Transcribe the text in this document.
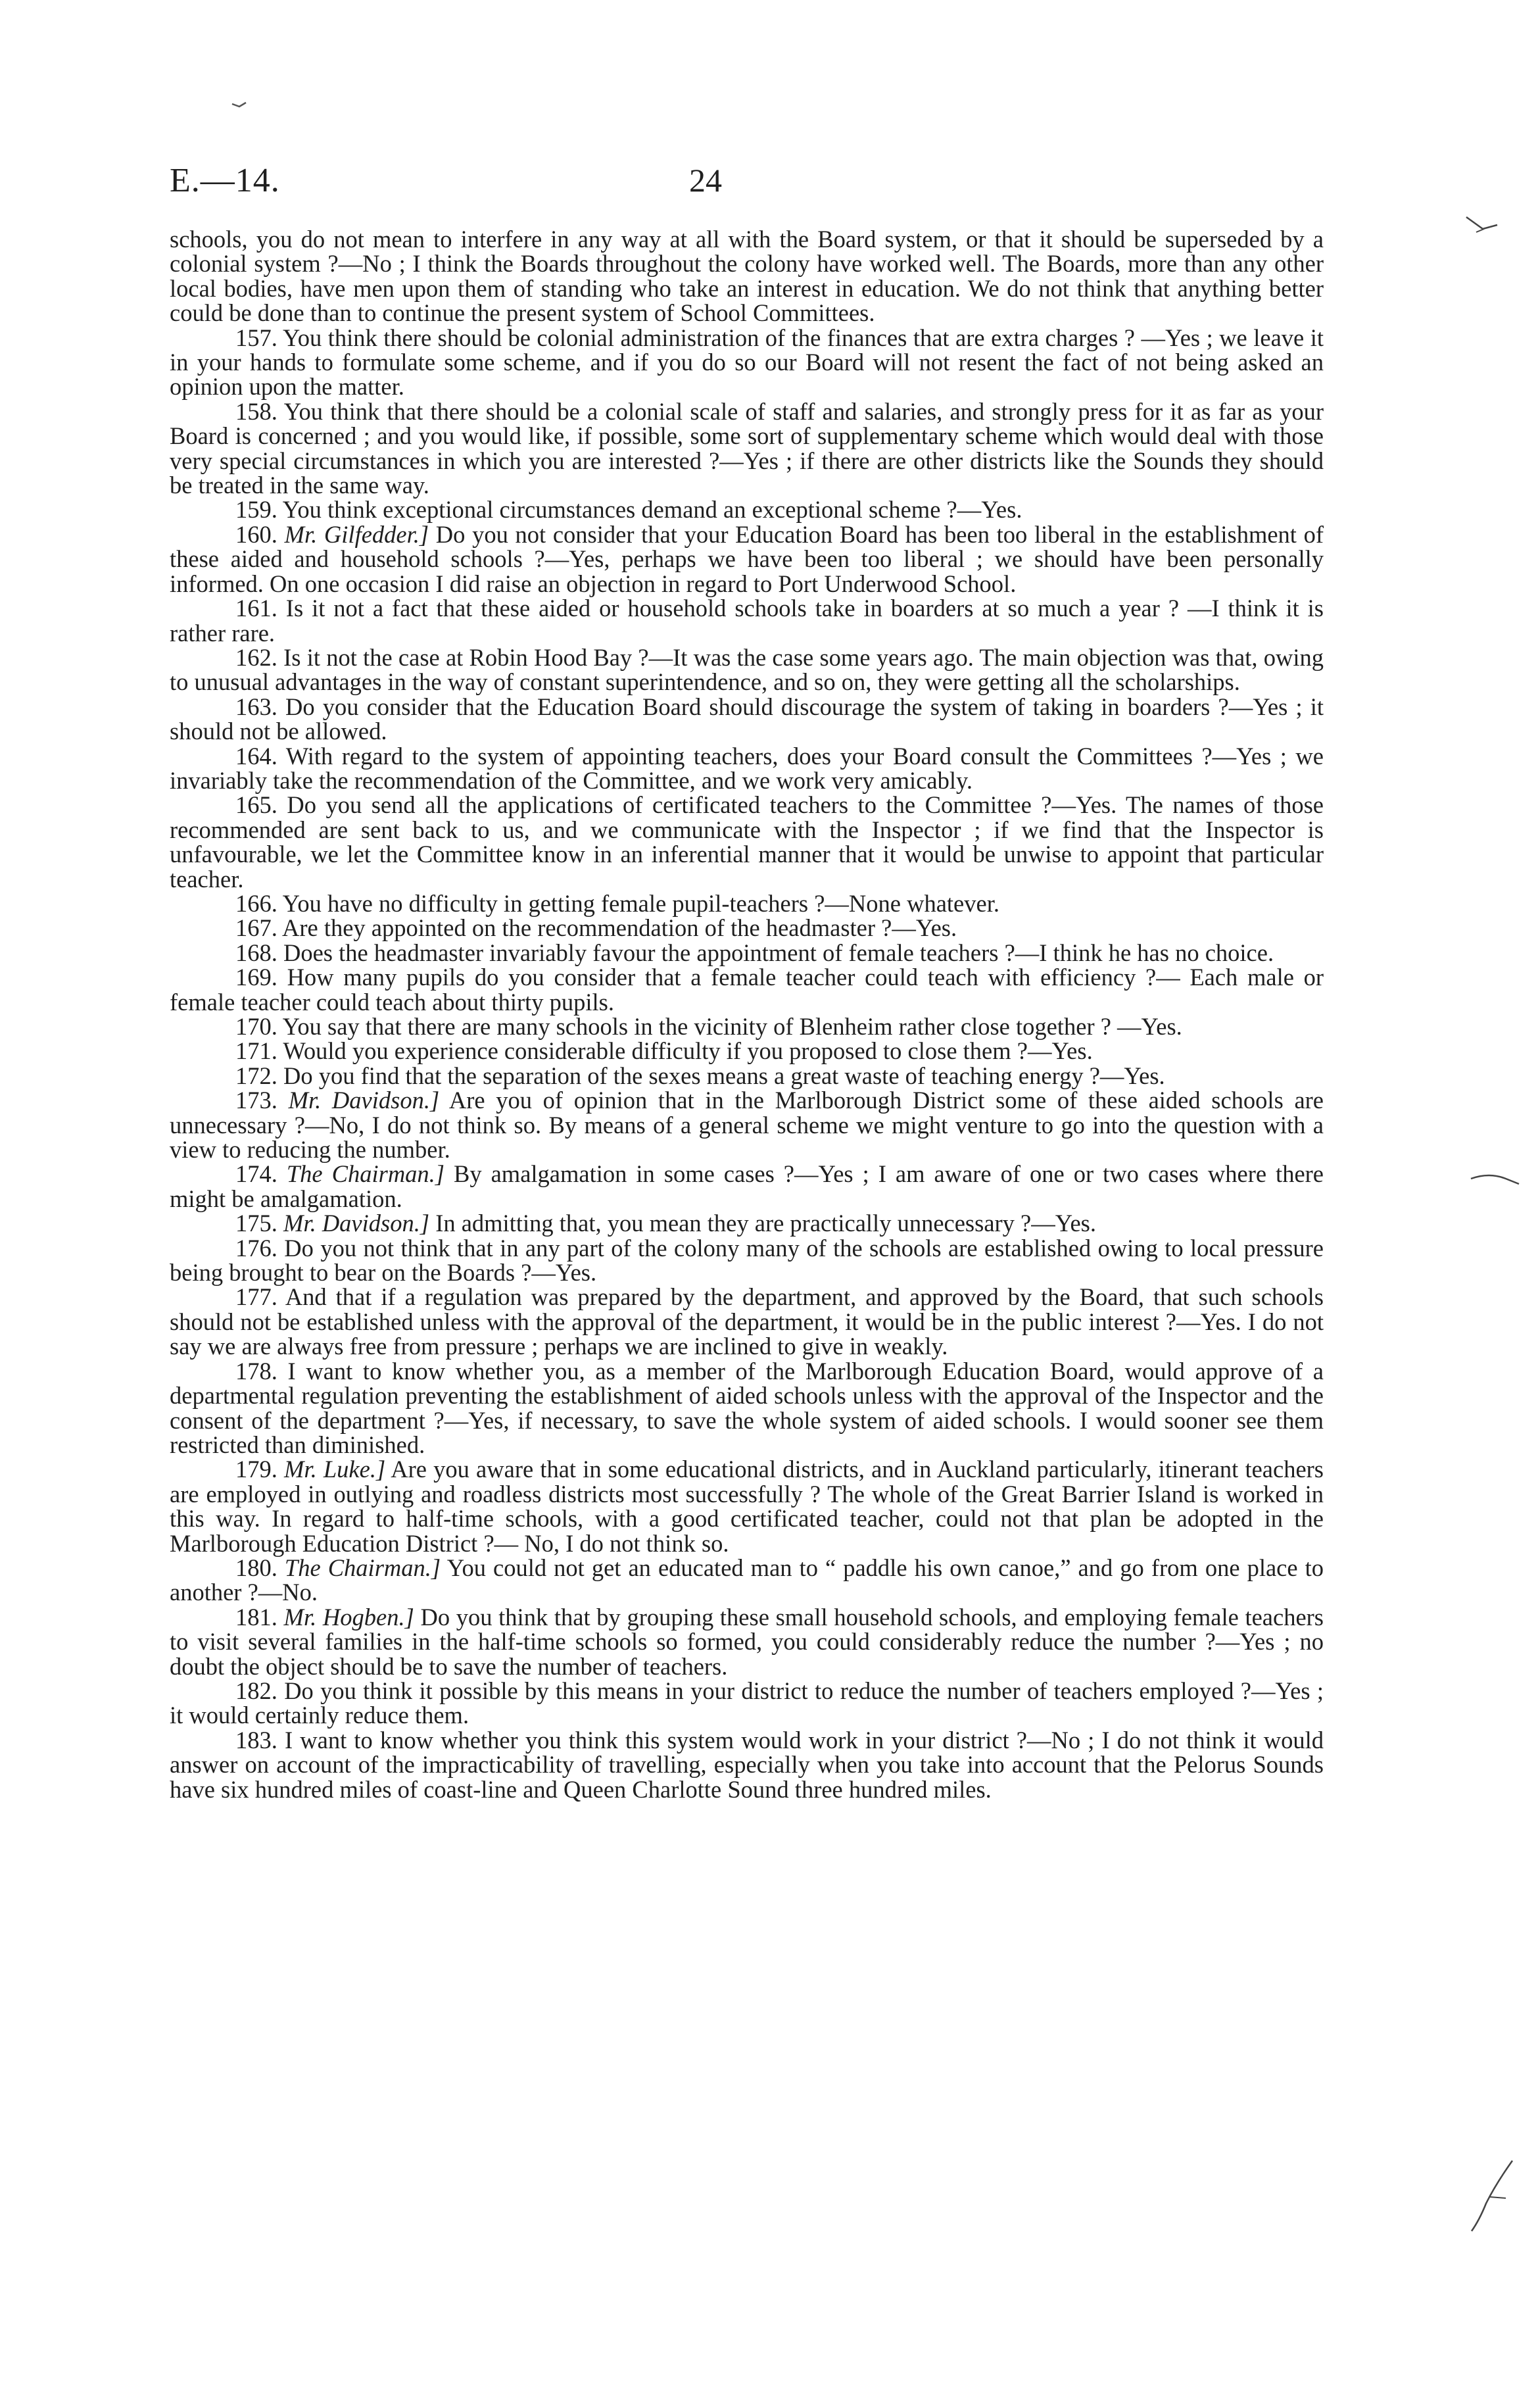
E.—14.	24

schools, you do not mean to interfere in any way at all with the Board system, or that it should be superseded by a colonial system ?—No ; I think the Boards throughout the colony have worked well. The Boards, more than any other local bodies, have men upon them of standing who take an interest in education. We do not think that anything better could be done than to continue the present system of School Committees.

157. You think there should be colonial administration of the finances that are extra charges ? —Yes ; we leave it in your hands to formulate some scheme, and if you do so our Board will not resent the fact of not being asked an opinion upon the matter.

158. You think that there should be a colonial scale of staff and salaries, and strongly press for it as far as your Board is concerned ; and you would like, if possible, some sort of supplementary scheme which would deal with those very special circumstances in which you are interested ?—Yes ; if there are other districts like the Sounds they should be treated in the same way.

159. You think exceptional circumstances demand an exceptional scheme ?—Yes.

160. Mr. Gilfedder.] Do you not consider that your Education Board has been too liberal in the establishment of these aided and household schools ?—Yes, perhaps we have been too liberal ; we should have been personally informed. On one occasion I did raise an objection in regard to Port Underwood School.

161. Is it not a fact that these aided or household schools take in boarders at so much a year ? —I think it is rather rare.

162. Is it not the case at Robin Hood Bay ?—It was the case some years ago. The main objection was that, owing to unusual advantages in the way of constant superintendence, and so on, they were getting all the scholarships.

163. Do you consider that the Education Board should discourage the system of taking in boarders ?—Yes ; it should not be allowed.

164. With regard to the system of appointing teachers, does your Board consult the Committees ?—Yes ; we invariably take the recommendation of the Committee, and we work very amicably.

165. Do you send all the applications of certificated teachers to the Committee ?—Yes. The names of those recommended are sent back to us, and we communicate with the Inspector ; if we find that the Inspector is unfavourable, we let the Committee know in an inferential manner that it would be unwise to appoint that particular teacher.

166. You have no difficulty in getting female pupil-teachers ?—None whatever.

167. Are they appointed on the recommendation of the headmaster ?—Yes.

168. Does the headmaster invariably favour the appointment of female teachers ?—I think he has no choice.

169. How many pupils do you consider that a female teacher could teach with efficiency ?— Each male or female teacher could teach about thirty pupils.

170. You say that there are many schools in the vicinity of Blenheim rather close together ? —Yes.

171. Would you experience considerable difficulty if you proposed to close them ?—Yes.

172. Do you find that the separation of the sexes means a great waste of teaching energy ?—Yes.

173. Mr. Davidson.] Are you of opinion that in the Marlborough District some of these aided schools are unnecessary ?—No, I do not think so. By means of a general scheme we might venture to go into the question with a view to reducing the number.

174. The Chairman.] By amalgamation in some cases ?—Yes ; I am aware of one or two cases where there might be amalgamation.

175. Mr. Davidson.] In admitting that, you mean they are practically unnecessary ?—Yes.

176. Do you not think that in any part of the colony many of the schools are established owing to local pressure being brought to bear on the Boards ?—Yes.

177. And that if a regulation was prepared by the department, and approved by the Board, that such schools should not be established unless with the approval of the department, it would be in the public interest ?—Yes. I do not say we are always free from pressure ; perhaps we are inclined to give in weakly.

178. I want to know whether you, as a member of the Marlborough Education Board, would approve of a departmental regulation preventing the establishment of aided schools unless with the approval of the Inspector and the consent of the department ?—Yes, if necessary, to save the whole system of aided schools. I would sooner see them restricted than diminished.

179. Mr. Luke.] Are you aware that in some educational districts, and in Auckland particularly, itinerant teachers are employed in outlying and roadless districts most successfully ? The whole of the Great Barrier Island is worked in this way. In regard to half-time schools, with a good certificated teacher, could not that plan be adopted in the Marlborough Education District ?— No, I do not think so.

180. The Chairman.] You could not get an educated man to “ paddle his own canoe,” and go from one place to another ?—No.

181. Mr. Hogben.] Do you think that by grouping these small household schools, and employing female teachers to visit several families in the half-time schools so formed, you could considerably reduce the number ?—Yes ; no doubt the object should be to save the number of teachers.

182. Do you think it possible by this means in your district to reduce the number of teachers employed ?—Yes ; it would certainly reduce them.

183. I want to know whether you think this system would work in your district ?—No ; I do not think it would answer on account of the impracticability of travelling, especially when you take into account that the Pelorus Sounds have six hundred miles of coast-line and Queen Charlotte Sound three hundred miles.
